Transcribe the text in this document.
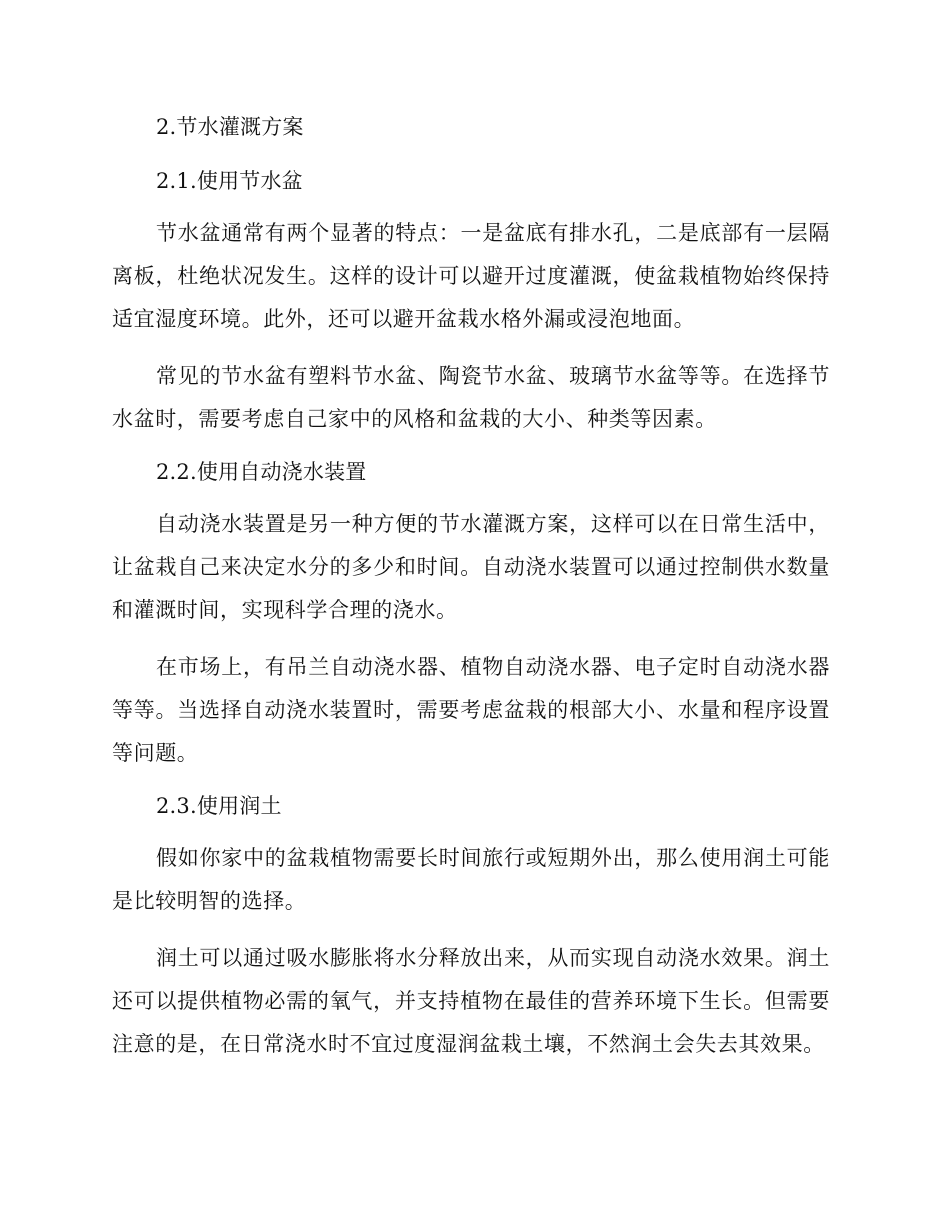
2.节水灌溉方案
2.1.使用节水盆

节水盆通常有两个显著的特点：一是盆底有排水孔，二是底部有一层隔离板，杜绝状况发生。这样的设计可以避开过度灌溉，使盆栽植物始终保持适宜湿度环境。此外，还可以避开盆栽水格外漏或浸泡地面。

常见的节水盆有塑料节水盆、陶瓷节水盆、玻璃节水盆等等。在选择节水盆时，需要考虑自己家中的风格和盆栽的大小、种类等因素。

2.2.使用自动浇水装置

自动浇水装置是另一种方便的节水灌溉方案，这样可以在日常生活中，让盆栽自己来决定水分的多少和时间。自动浇水装置可以通过控制供水数量和灌溉时间，实现科学合理的浇水。

在市场上，有吊兰自动浇水器、植物自动浇水器、电子定时自动浇水器等等。当选择自动浇水装置时，需要考虑盆栽的根部大小、水量和程序设置等问题。

2.3.使用润土

假如你家中的盆栽植物需要长时间旅行或短期外出，那么使用润土可能是比较明智的选择。

润土可以通过吸水膨胀将水分释放出来，从而实现自动浇水效果。润土还可以提供植物必需的氧气，并支持植物在最佳的营养环境下生长。但需要注意的是，在日常浇水时不宜过度湿润盆栽土壤，不然润土会失去其效果。
